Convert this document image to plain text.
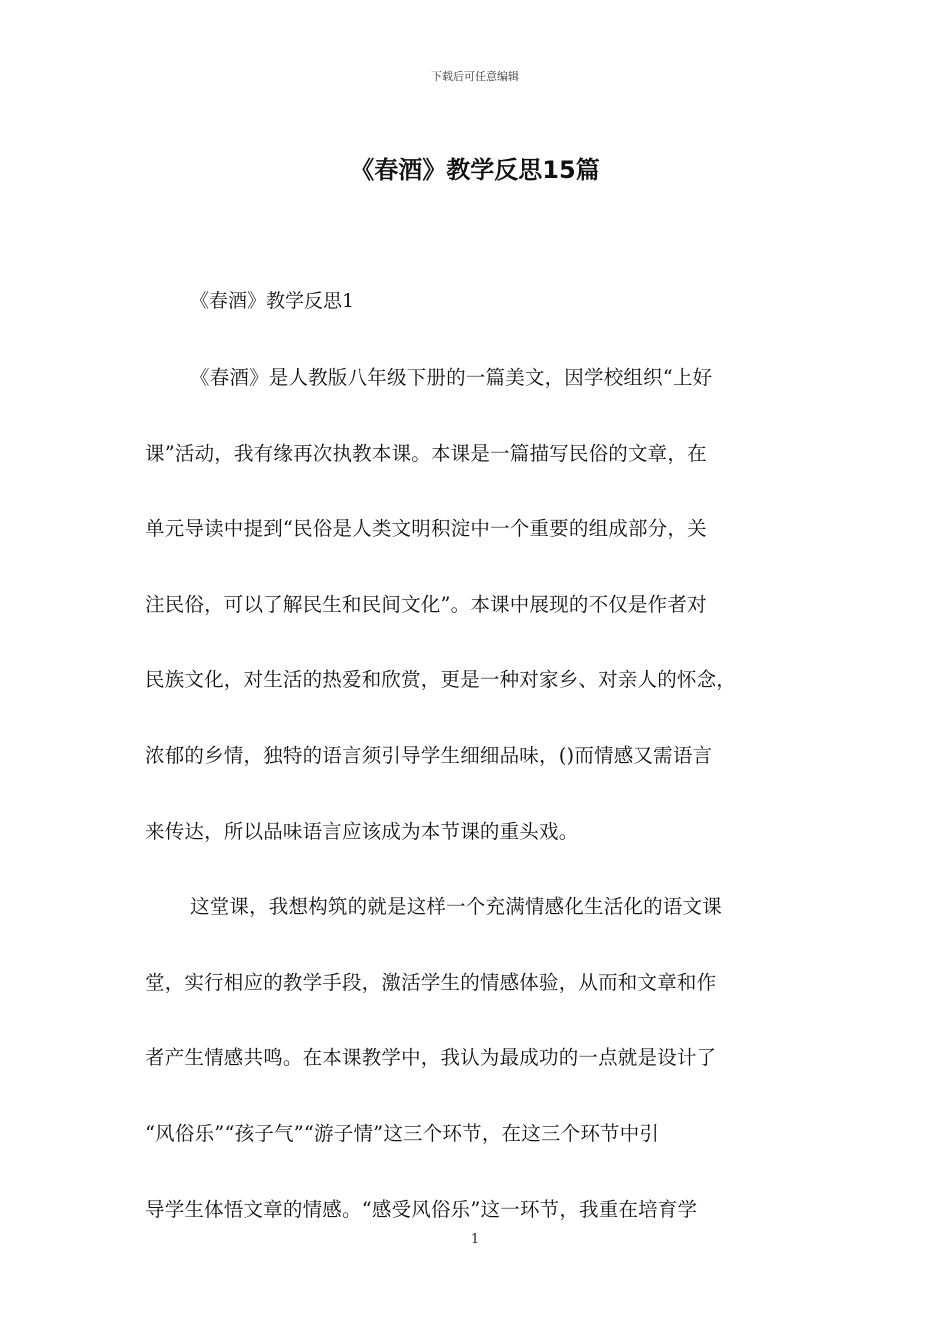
下载后可任意编辑
《春酒》教学反思15篇
《春酒》教学反思1
《春酒》是人教版八年级下册的一篇美文，因学校组织“上好
课”活动，我有缘再次执教本课。本课是一篇描写民俗的文章，在
单元导读中提到“民俗是人类文明积淀中一个重要的组成部分，关
注民俗，可以了解民生和民间文化”。本课中展现的不仅是作者对
民族文化，对生活的热爱和欣赏，更是一种对家乡、对亲人的怀念，
浓郁的乡情，独特的语言须引导学生细细品味，()而情感又需语言
来传达，所以品味语言应该成为本节课的重头戏。
这堂课，我想构筑的就是这样一个充满情感化生活化的语文课
堂，实行相应的教学手段，激活学生的情感体验，从而和文章和作
者产生情感共鸣。在本课教学中，我认为最成功的一点就是设计了
“风俗乐”“孩子气”“游子情”这三个环节，在这三个环节中引
导学生体悟文章的情感。“感受风俗乐”这一环节，我重在培育学
1
